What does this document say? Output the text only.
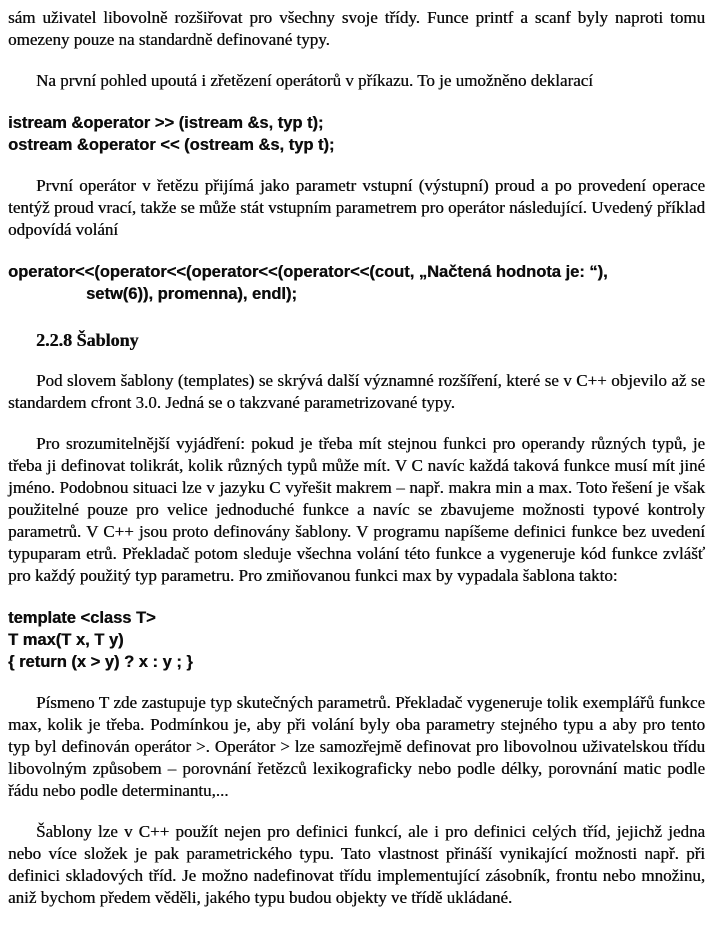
sám uživatel libovolně rozšiřovat pro všechny svoje třídy. Funce printf a scanf byly naproti tomu omezeny pouze na standardně definované typy.

Na první pohled upoutá i zřetězení operátorů v příkazu. To je umožněno deklarací

istream &operator >> (istream &s, typ t);
ostream &operator << (ostream &s, typ t);

První operátor v řetězu přijímá jako parametr vstupní (výstupní) proud a po provedení operace tentýž proud vrací, takže se může stát vstupním parametrem pro operátor následující. Uvedený příklad odpovídá volání

operator<<(operator<<(operator<<(operator<<(cout, „Načtená hodnota je: “),
setw(6)), promenna), endl);
2.2.8 Šablony

Pod slovem šablony (templates) se skrývá další významné rozšíření, které se v C++ objevilo až se standardem cfront 3.0. Jedná se o takzvané parametrizované typy.

Pro srozumitelnější vyjádření: pokud je třeba mít stejnou funkci pro operandy různých typů, je třeba ji definovat tolikrát, kolik různých typů může mít. V C navíc každá taková funkce musí mít jiné jméno. Podobnou situaci lze v jazyku C vyřešit makrem – např. makra min a max. Toto řešení je však použitelné pouze pro velice jednoduché funkce a navíc se zbavujeme možnosti typové kontroly parametrů. V C++ jsou proto definovány šablony. V programu napíšeme definici funkce bez uvedení typuparam etrů. Překladač potom sleduje všechna volání této funkce a vygeneruje kód funkce zvlášť pro každý použitý typ parametru. Pro zmiňovanou funkci max by vypadala šablona takto:

template <class T>
T max(T x, T y)
{ return (x > y) ? x : y ; }

Písmeno T zde zastupuje typ skutečných parametrů. Překladač vygeneruje tolik exemplářů funkce max, kolik je třeba. Podmínkou je, aby při volání byly oba parametry stejného typu a aby pro tento typ byl definován operátor >. Operátor > lze samozřejmě definovat pro libovolnou uživatelskou třídu libovolným způsobem – porovnání řetězců lexikograficky nebo podle délky, porovnání matic podle řádu nebo podle determinantu,...

Šablony lze v C++ použít nejen pro definici funkcí, ale i pro definici celých tříd, jejichž jedna nebo více složek je pak parametrického typu. Tato vlastnost přináší vynikající možnosti např. při definici skladových tříd. Je možno nadefinovat třídu implementující zásobník, frontu nebo množinu, aniž bychom předem věděli, jakého typu budou objekty ve třídě ukládané.
